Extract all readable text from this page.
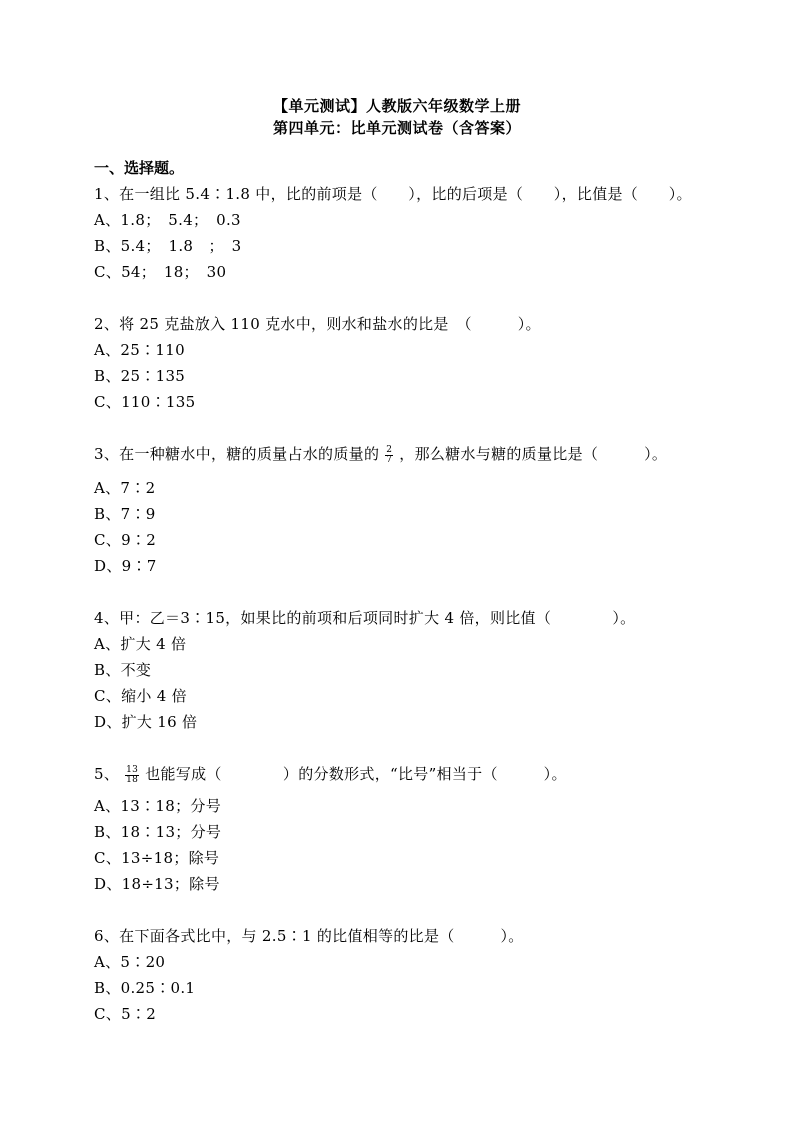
【单元测试】人教版六年级数学上册
第四单元：比单元测试卷（含答案）
一、选择题。
1、在一组比 5.4∶1.8 中，比的前项是（　　），比的后项是（　　），比值是（　　）。
A、1.8；　5.4；　0.3
B、5.4；　1.8　；　3
C、54；　18；　30
2、将 25 克盐放入 110 克水中，则水和盐水的比是　（　　　）。
A、25∶110
B、25∶135
C、110∶135
3、在一种糖水中，糖的质量占水的质量的 $\frac{2}{7}$ ，那么糖水与糖的质量比是（　　　）。
A、7∶2
B、7∶9
C、9∶2
D、9∶7
4、甲：乙＝3∶15，如果比的前项和后项同时扩大 4 倍，则比值（　　　　）。
A、扩大 4 倍
B、不变
C、缩小 4 倍
D、扩大 16 倍
5、 $\frac{13}{18}$ 也能写成（　　　　）的分数形式，“比号”相当于（　　　）。
A、13∶18；分号
B、18∶13；分号
C、13÷18；除号
D、18÷13；除号
6、在下面各式比中，与 2.5∶1 的比值相等的比是（　　　）。
A、5∶20
B、0.25∶0.1
C、5∶2
